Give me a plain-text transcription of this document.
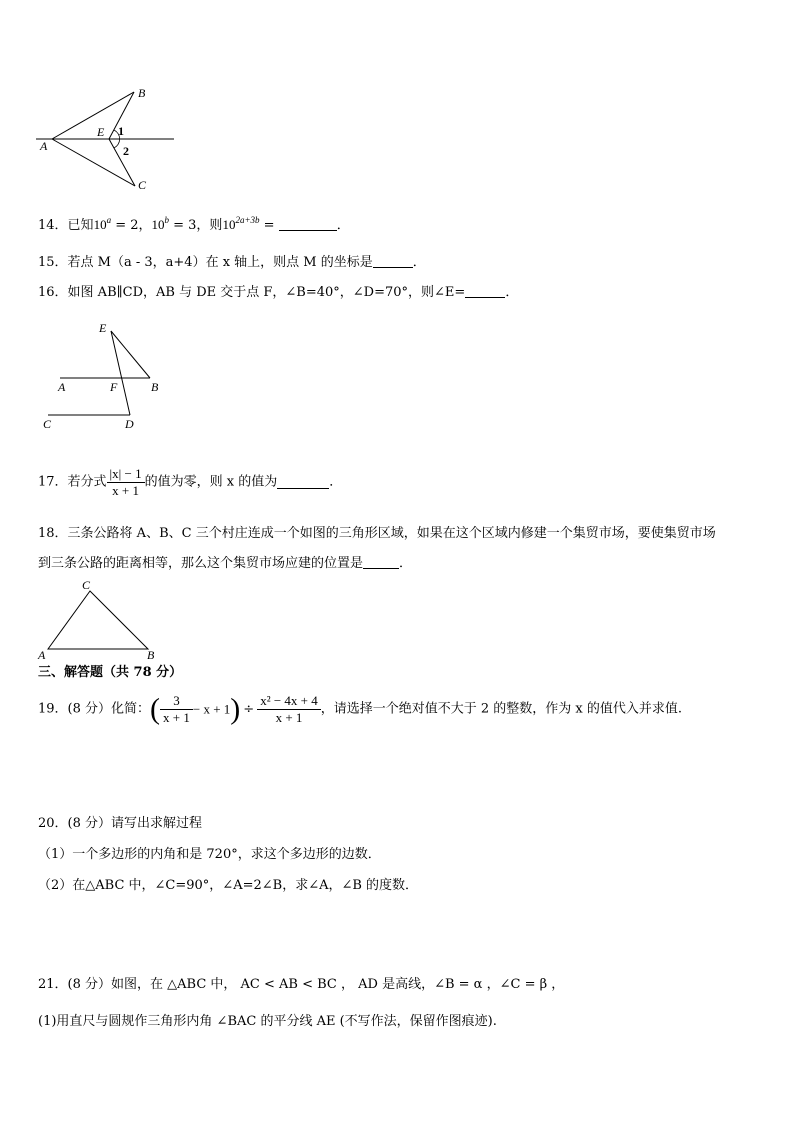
B
E 1
A	2
C
14．已知$10^a = 2$，$10^b = 3$，则$10^{2a+3b}$ =	．
15．若点 M（a - 3，a+4）在 x 轴上，则点 M 的坐标是	．
16．如图 AB∥CD，AB 与 DE 交于点 F，∠B=40°，∠D=70°，则∠E=	．
E
A	F	B
C	D
17．若分式 $\frac{|x| - 1}{x + 1}$ 的值为零，则 x 的值为	．
18．三条公路将 A、B、C 三个村庄连成一个如图的三角形区域，如果在这个区域内修建一个集贸市场，要使集贸市场
到三条公路的距离相等，那么这个集贸市场应建的位置是	．
C
A	B
三、解答题（共 78 分）
19．(8 分）化简：( $\frac{3}{x + 1} - x + 1) \div \frac{\text{x² − 4x + 4}}{x + 1}$ ，请选择一个绝对值不大于 2 的整数，作为 x 的值代入并求值.
20．(8 分）请写出求解过程
（1）一个多边形的内角和是 720°，求这个多边形的边数．
（2）在△ABC 中，∠C=90°，∠A=2∠B，求∠A，∠B 的度数．
21．(8 分）如图，在 △ABC 中， AC < AB < BC ， AD 是高线，∠B = α ，∠C = β ，
(1)用直尺与圆规作三角形内角 ∠BAC 的平分线 AE (不写作法，保留作图痕迹).
